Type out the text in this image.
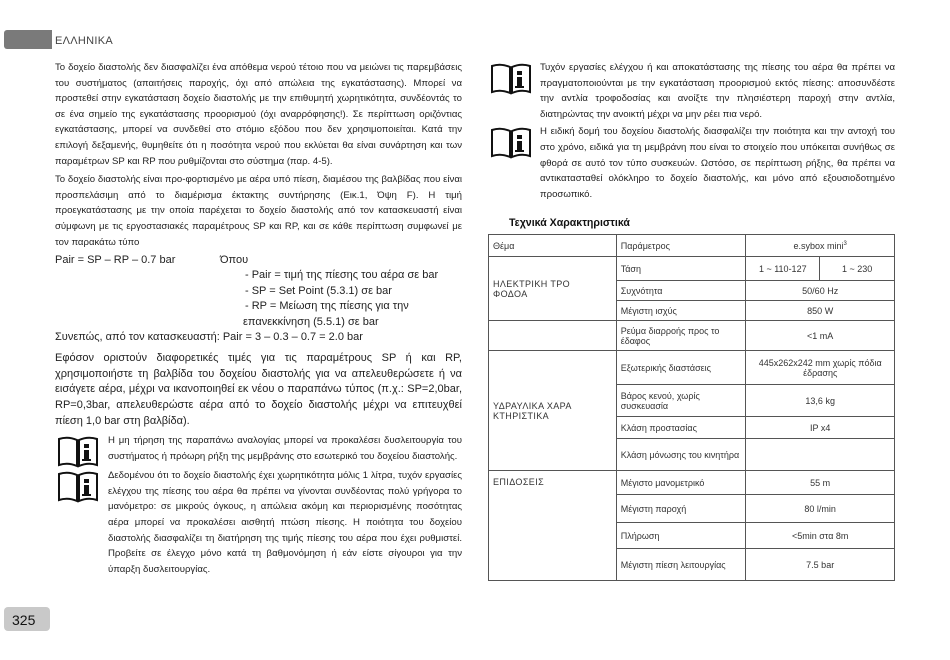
ΕΛΛΗΝΙΚΑ

Το δοχείο διαστολής δεν διασφαλίζει ένα απόθεμα νερού τέτοιο που να μειώνει τις παρεμβάσεις του συστήματος (απαιτήσεις παροχής, όχι από απώλεια της εγκατάστασης). Μπορεί να προστεθεί στην εγκατάσταση δοχείο διαστολής με την επιθυμητή χωρητικότητα, συνδέοντάς το σε ένα σημείο της εγκατάστασης προορισμού (όχι αναρρόφησης!). Σε περίπτωση οριζόντιας εγκατάστασης, μπορεί να συνδεθεί στο στόμιο εξόδου που δεν χρησιμοποιείται. Κατά την επιλογή δεξαμενής, θυμηθείτε ότι η ποσότητα νερού που εκλύεται θα είναι συνάρτηση και των παραμέτρων SP και RP που ρυθμίζονται στο σύστημα (παρ. 4-5).

Το δοχείο διαστολής είναι προ-φορτισμένο με αέρα υπό πίεση, διαμέσου της βαλβίδας που είναι προσπελάσιμη από το διαμέρισμα έκτακτης συντήρησης (Εικ.1, Όψη F). Η τιμή προεγκατάστασης με την οποία παρέχεται το δοχείο διαστολής από τον κατασκευαστή είναι σύμφωνη με τις εργοστασιακές παραμέτρους SP και RP, και σε κάθε περίπτωση συμφωνεί με τον παρακάτω τύπο

Pair = SP – RP – 0.7 bar	Όπου
- Pair = τιμή της πίεσης του αέρα σε bar
- SP = Set Point (5.3.1) σε bar
- RP = Μείωση της πίεσης για την
επανεκκίνηση (5.5.1) σε bar
Συνεπώς, από τον κατασκευαστή: Pair = 3 – 0.3 – 0.7 = 2.0 bar

Εφόσον οριστούν διαφορετικές τιμές για τις παραμέτρους SP ή και RP, χρησιμοποιήστε τη βαλβίδα του δοχείου διαστολής για να απελευθερώσετε ή να εισάγετε αέρα, μέχρι να ικανοποιηθεί εκ νέου ο παραπάνω τύπος (π.χ.: SP=2,0bar, RP=0,3bar, απελευθερώστε αέρα από το δοχείο διαστολής μέχρι να επιτευχθεί πίεση 1,0 bar στη βαλβίδα).

Η μη τήρηση της παραπάνω αναλογίας μπορεί να προκαλέσει δυσλειτουργία του συστήματος ή πρόωρη ρήξη της μεμβράνης στο εσωτερικό του δοχείου διαστολής.

Δεδομένου ότι το δοχείο διαστολής έχει χωρητικότητα μόλις 1 λίτρα, τυχόν εργασίες ελέγχου της πίεσης του αέρα θα πρέπει να γίνονται συνδέοντας πολύ γρήγορα το μανόμετρο: σε μικρούς όγκους, η απώλεια ακόμη και περιορισμένης ποσότητας αέρα μπορεί να προκαλέσει αισθητή πτώση πίεσης. Η ποιότητα του δοχείου διαστολής διασφαλίζει τη διατήρηση της τιμής πίεσης του αέρα που έχει ρυθμιστεί. Προβείτε σε έλεγχο μόνο κατά τη βαθμονόμηση ή εάν είστε σίγουροι για την ύπαρξη δυσλειτουργίας.

Τυχόν εργασίες ελέγχου ή και αποκατάστασης της πίεσης του αέρα θα πρέπει να πραγματοποιούνται με την εγκατάσταση προορισμού εκτός πίεσης: αποσυνδέστε την αντλία τροφοδοσίας και ανοίξτε την πλησιέστερη παροχή στην αντλία, διατηρώντας την ανοικτή μέχρι να μην ρέει πια νερό.

Η ειδική δομή του δοχείου διαστολής διασφαλίζει την ποιότητα και την αντοχή του στο χρόνο, ειδικά για τη μεμβράνη που είναι το στοιχείο που υπόκειται συνήθως σε φθορά σε αυτό τον τύπο συσκευών. Ωστόσο, σε περίπτωση ρήξης, θα πρέπει να αντικατασταθεί ολόκληρο το δοχείο διαστολής, και μόνο από εξουσιοδοτημένο προσωπικό.

Τεχνικά Χαρακτηριστικά
Θέμα	Παράμετρος	e.sybox mini$^3$
ΗΛΕΚΤΡΙΚΗ ΤΡΟ
ΦΟΔΟΑ	Τάση	1 ~ 110-127	1 ~ 230
	Συχνότητα	50/60 Hz	
	Μέγιστη ισχύς	850 W	
	Ρεύμα διαρροής προς το έδαφος	<1 mA	
ΥΔΡΑΥΛΙΚΑ ΧΑΡΑ
ΚΤΗΡΙΣΤΙΚΑ	Εξωτερικής διαστάσεις	445x262x242 mm χωρίς πόδια έδρασης	
	Βάρος κενού, χωρίς συσκευασία	13,6 kg	
	Κλάση προστασίας	IP x4	
	Κλάση μόνωσης του κινητήρα		
ΕΠΙΔΟΣΕΙΣ	Μέγιστο μανομετρικό	55 m	
	Μέγιστη παροχή	80 l/min	
	Πλήρωση	<5min στα 8m	
	Μέγιστη πίεση λειτουργίας	7.5 bar	
325
